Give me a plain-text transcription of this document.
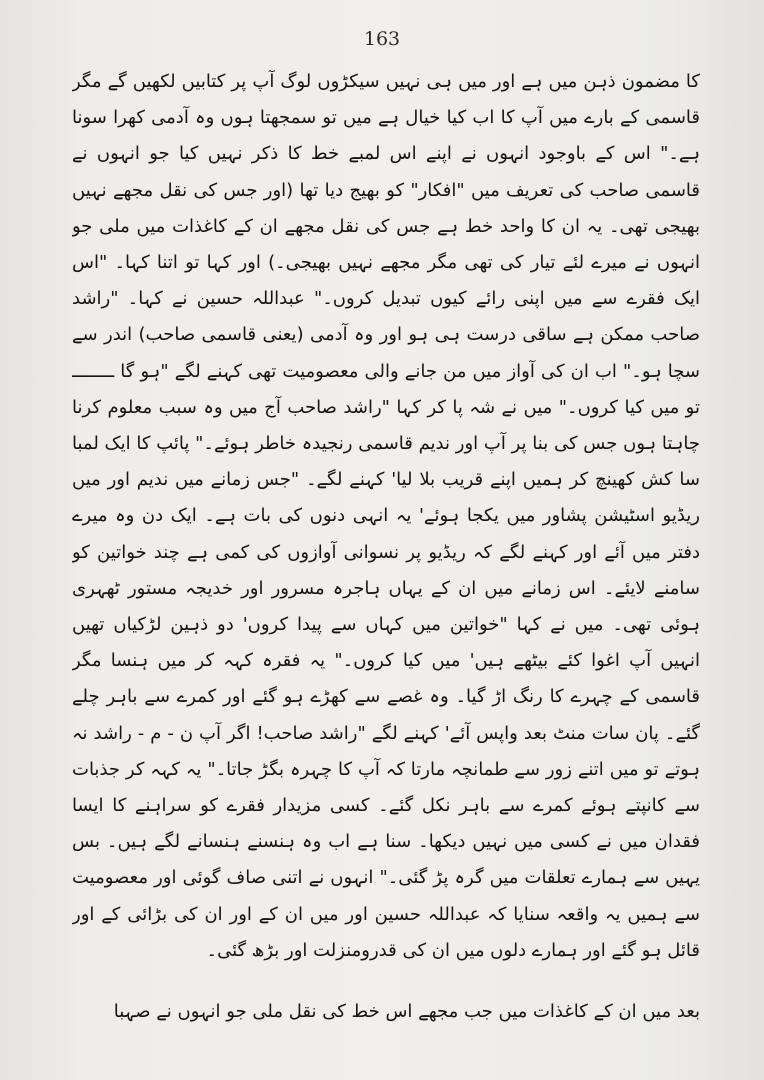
163

کا مضمون ذہن میں ہے اور میں ہی نہیں سیکڑوں لوگ آپ پر کتابیں لکھیں گے مگر قاسمی کے بارے میں آپ کا اب کیا خیال ہے میں تو سمجھتا ہوں وہ آدمی کھرا سونا ہے۔" اس کے باوجود انہوں نے اپنے اس لمبے خط کا ذکر نہیں کیا جو انہوں نے قاسمی صاحب کی تعریف میں "افکار" کو بھیج دیا تھا (اور جس کی نقل مجھے نہیں بھیجی تھی۔ یہ ان کا واحد خط ہے جس کی نقل مجھے ان کے کاغذات میں ملی جو انہوں نے میرے لئے تیار کی تھی مگر مجھے نہیں بھیجی۔) اور کہا تو اتنا کہا۔ "اس ایک فقرے سے میں اپنی رائے کیوں تبدیل کروں۔" عبداللہ حسین نے کہا۔ "راشد صاحب ممکن ہے ساقی درست ہی ہو اور وہ آدمی (یعنی قاسمی صاحب) اندر سے سچا ہو۔" اب ان کی آواز میں من جانے والی معصومیت تھی کہنے لگے "ہو گا ــــــــ تو میں کیا کروں۔" میں نے شہ پا کر کہا "راشد صاحب آج میں وہ سبب معلوم کرنا چاہتا ہوں جس کی بنا پر آپ اور ندیم قاسمی رنجیدہ خاطر ہوئے۔" پائپ کا ایک لمبا سا کش کھینچ کر ہمیں اپنے قریب بلا لیا' کہنے لگے۔ "جس زمانے میں ندیم اور میں ریڈیو اسٹیشن پشاور میں یکجا ہوئے' یہ انہی دنوں کی بات ہے۔ ایک دن وہ میرے دفتر میں آئے اور کہنے لگے کہ ریڈیو پر نسوانی آوازوں کی کمی ہے چند خواتین کو سامنے لایئے۔ اس زمانے میں ان کے یہاں ہاجرہ مسرور اور خدیجہ مستور ٹھہری ہوئی تھی۔ میں نے کہا "خواتین میں کہاں سے پیدا کروں' دو ذہین لڑکیاں تھیں انہیں آپ اغوا کئے بیٹھے ہیں' میں کیا کروں۔" یہ فقرہ کہہ کر میں ہنسا مگر قاسمی کے چہرے کا رنگ اڑ گیا۔ وہ غصے سے کھڑے ہو گئے اور کمرے سے باہر چلے گئے۔ پان سات منٹ بعد واپس آئے' کہنے لگے "راشد صاحب! اگر آپ ن - م - راشد نہ ہوتے تو میں اتنے زور سے طمانچہ مارتا کہ آپ کا چہرہ بگڑ جاتا۔" یہ کہہ کر جذبات سے کانپتے ہوئے کمرے سے باہر نکل گئے۔ کسی مزیدار فقرے کو سراہنے کا ایسا فقدان میں نے کسی میں نہیں دیکھا۔ سنا ہے اب وہ ہنسنے ہنسانے لگے ہیں۔ بس یہیں سے ہمارے تعلقات میں گرہ پڑ گئی۔" انہوں نے اتنی صاف گوئی اور معصومیت سے ہمیں یہ واقعہ سنایا کہ عبداللہ حسین اور میں ان کے اور ان کی بڑائی کے اور قائل ہو گئے اور ہمارے دلوں میں ان کی قدرومنزلت اور بڑھ گئی۔

بعد میں ان کے کاغذات میں جب مجھے اس خط کی نقل ملی جو انہوں نے صہبا
